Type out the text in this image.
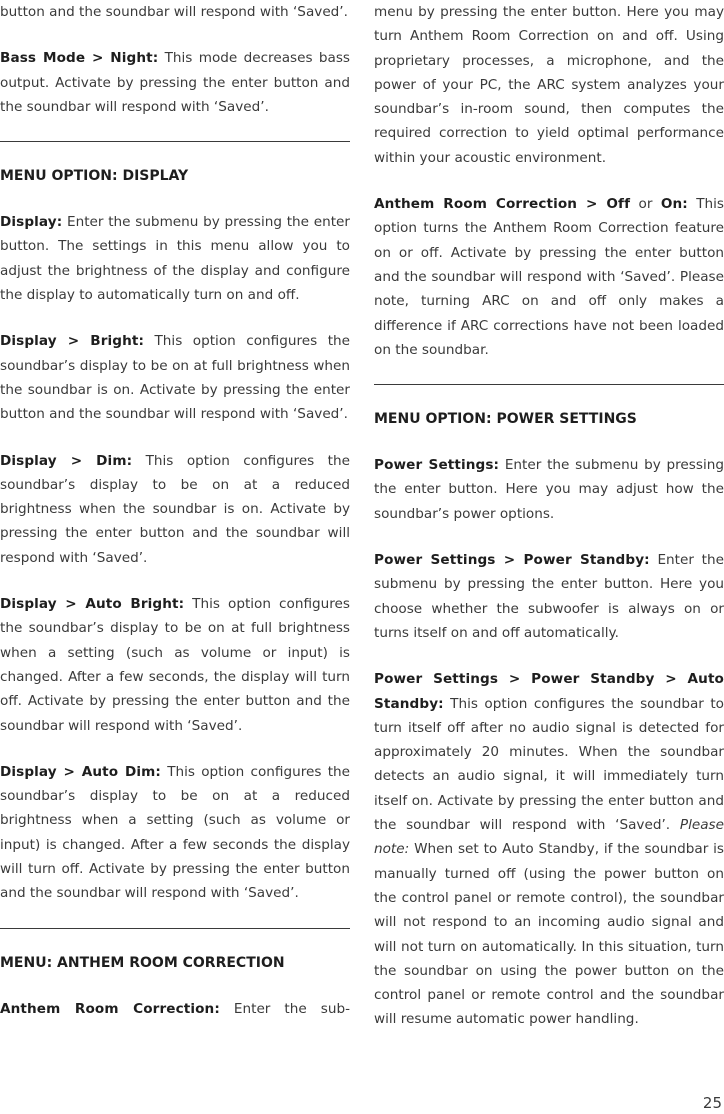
button and the soundbar will respond with ‘Saved’.

Bass Mode > Night: This mode decreases bass output. Activate by pressing the enter button and the soundbar will respond with ‘Saved’.

MENU OPTION: DISPLAY

Display: Enter the submenu by pressing the enter button. The settings in this menu allow you to adjust the brightness of the display and configure the display to automatically turn on and off.

Display > Bright: This option configures the soundbar’s display to be on at full brightness when the soundbar is on. Activate by pressing the enter button and the soundbar will respond with ‘Saved’.

Display > Dim: This option configures the soundbar’s display to be on at a reduced brightness when the soundbar is on. Activate by pressing the enter button and the soundbar will respond with ‘Saved’.

Display > Auto Bright: This option configures the soundbar’s display to be on at full brightness when a setting (such as volume or input) is changed. After a few seconds, the display will turn off. Activate by pressing the enter button and the soundbar will respond with ‘Saved’.

Display > Auto Dim: This option configures the soundbar’s display to be on at a reduced brightness when a setting (such as volume or input) is changed. After a few seconds the display will turn off. Activate by pressing the enter button and the soundbar will respond with ‘Saved’.

MENU: ANTHEM ROOM CORRECTION

Anthem Room Correction: Enter the sub-

menu by pressing the enter button. Here you may turn Anthem Room Correction on and off. Using proprietary processes, a microphone, and the power of your PC, the ARC system analyzes your soundbar’s in-room sound, then computes the required correction to yield optimal performance within your acoustic environment.

Anthem Room Correction > Off or On: This option turns the Anthem Room Correction feature on or off. Activate by pressing the enter button and the soundbar will respond with ‘Saved’. Please note, turning ARC on and off only makes a difference if ARC corrections have not been loaded on the soundbar.

MENU OPTION: POWER SETTINGS

Power Settings: Enter the submenu by pressing the enter button. Here you may adjust how the soundbar’s power options.

Power Settings > Power Standby: Enter the submenu by pressing the enter button. Here you choose whether the subwoofer is always on or turns itself on and off automatically.

Power Settings > Power Standby > Auto Standby: This option configures the soundbar to turn itself off after no audio signal is detected for approximately 20 minutes. When the soundbar detects an audio signal, it will immediately turn itself on. Activate by pressing the enter button and the soundbar will respond with ‘Saved’. Please note: When set to Auto Standby, if the soundbar is manually turned off (using the power button on the control panel or remote control), the soundbar will not respond to an incoming audio signal and will not turn on automatically. In this situation, turn the soundbar on using the power button on the control panel or remote control and the soundbar will resume automatic power handling.

25
